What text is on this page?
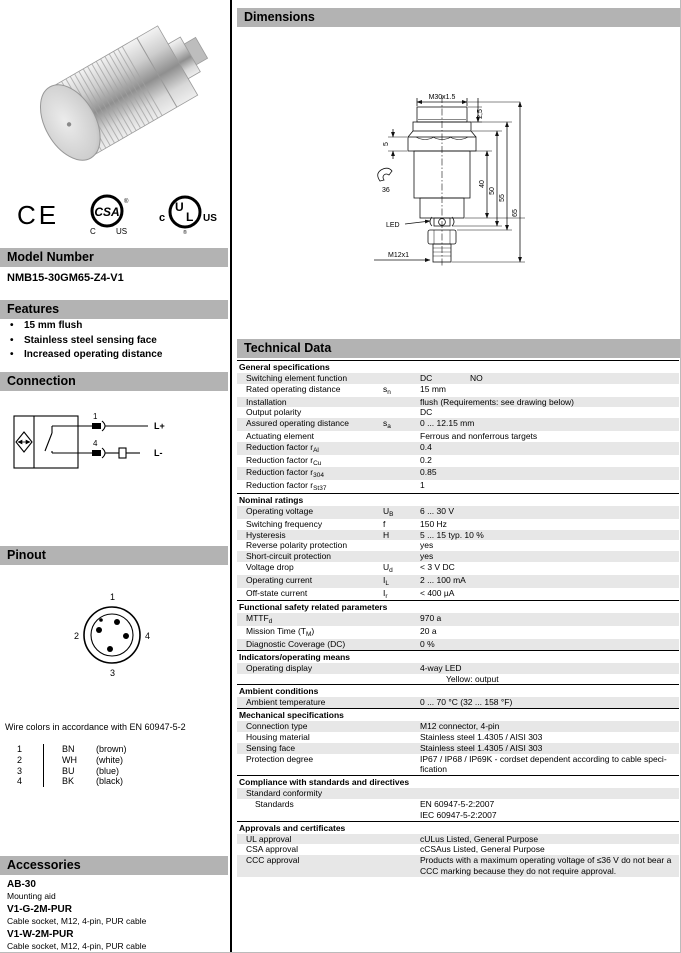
CE	CSA
®
C	US
c
U
L
®
US
Model Number
NMB15-30GM65-Z4-V1
Features
•	15 mm flush
•	Stainless steel sensing face
•	Increased operating distance
Connection
1
4
L+
L-
Pinout
1
2	4
3
Wire colors in accordance with EN 60947-5-2
1	BN	(brown)
2	WH	(white)
3	BU	(blue)
4	BK	(black)
Accessories
AB-30
Mounting aid
V1-G-2M-PUR
Cable socket, M12, 4-pin, PUR cable
V1-W-2M-PUR
Cable socket, M12, 4-pin, PUR cable
Dimensions
M30x1.5
2,5
5
36
40
50
55
65
LED
M12x1
Technical Data
General specifications
Switching element function	DC	NO
Rated operating distance	$s_n$	15 mm
Installation	flush (Requirements: see drawing below)
Output polarity	DC
Assured operating distance	$s_a$	0 ... 12.15 mm
Actuating element	Ferrous and nonferrous targets
Reduction factor $r_{Al}$	0.4
Reduction factor $r_{Cu}$	0.2
Reduction factor $r_{304}$	0.85
Reduction factor $r_{St37}$	1
Nominal ratings
Operating voltage	$U_B$	6 ... 30 V
Switching frequency	f	150 Hz
Hysteresis	H	5 ... 15 typ. 10 %
Reverse polarity protection	yes
Short-circuit protection	yes
Voltage drop	$U_d$	< 3 V DC
Operating current	$I_L$	2 ... 100 mA
Off-state current	$I_r$	< 400 µA
Functional safety related parameters
$MTTF_d$	970 a
Mission Time $(T_M)$	20 a
Diagnostic Coverage (DC)	0 %
Indicators/operating means
Operating display	4-way LED
Yellow: output
Ambient conditions
Ambient temperature	0 ... 70 °C (32 ... 158 °F)
Mechanical specifications
Connection type	M12 connector, 4-pin
Housing material	Stainless steel 1.4305 / AISI 303
Sensing face	Stainless steel 1.4305 / AISI 303
Protection degree	IP67 / IP68 / IP69K - cordset dependent according to cable speci-
fication
Compliance with standards and directives
Standard conformity
Standards	EN 60947-5-2:2007
IEC 60947-5-2:2007
Approvals and certificates
UL approval	cULus Listed, General Purpose
CSA approval	cCSAus Listed, General Purpose
CCC approval	Products with a maximum operating voltage of ≤36 V do not bear a
CCC marking because they do not require approval.
